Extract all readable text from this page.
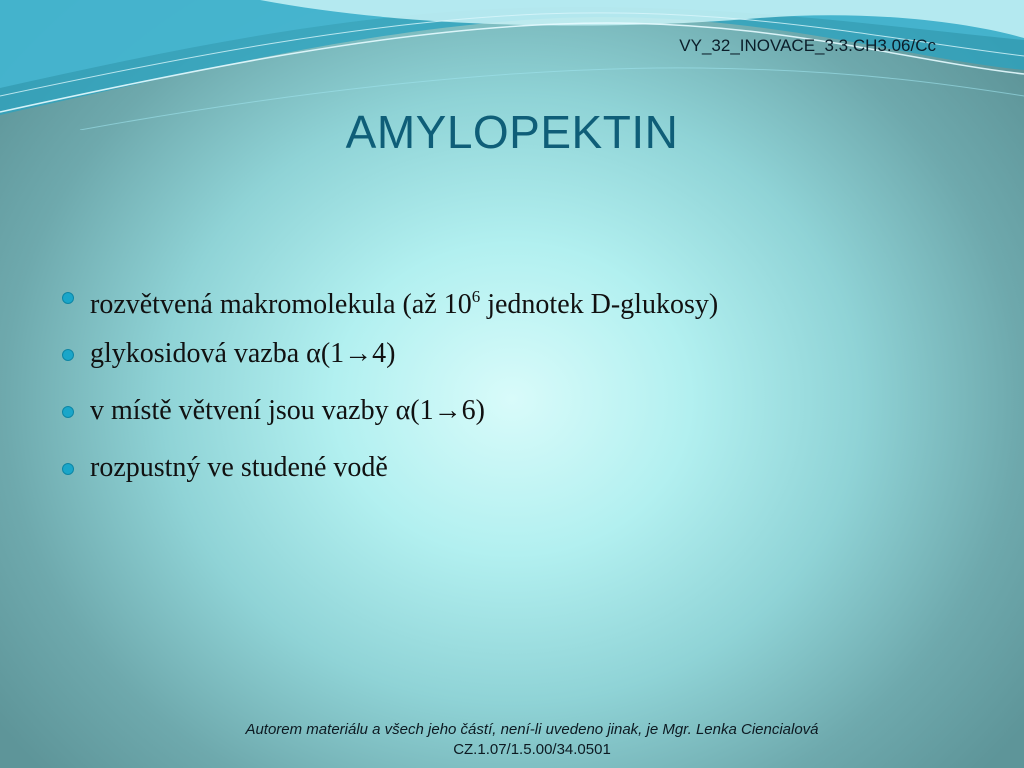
VY_32_INOVACE_3.3.CH3.06/Cc
AMYLOPEKTIN
rozvětvená makromolekula (až $10^6$ jednotek D-glukosy)
glykosidová vazba α(1→4)
v místě větvení jsou vazby α(1→6)
rozpustný ve studené vodě
Autorem materiálu a všech jeho částí, není-li uvedeno jinak, je Mgr. Lenka Ciencialová
CZ.1.07/1.5.00/34.0501
